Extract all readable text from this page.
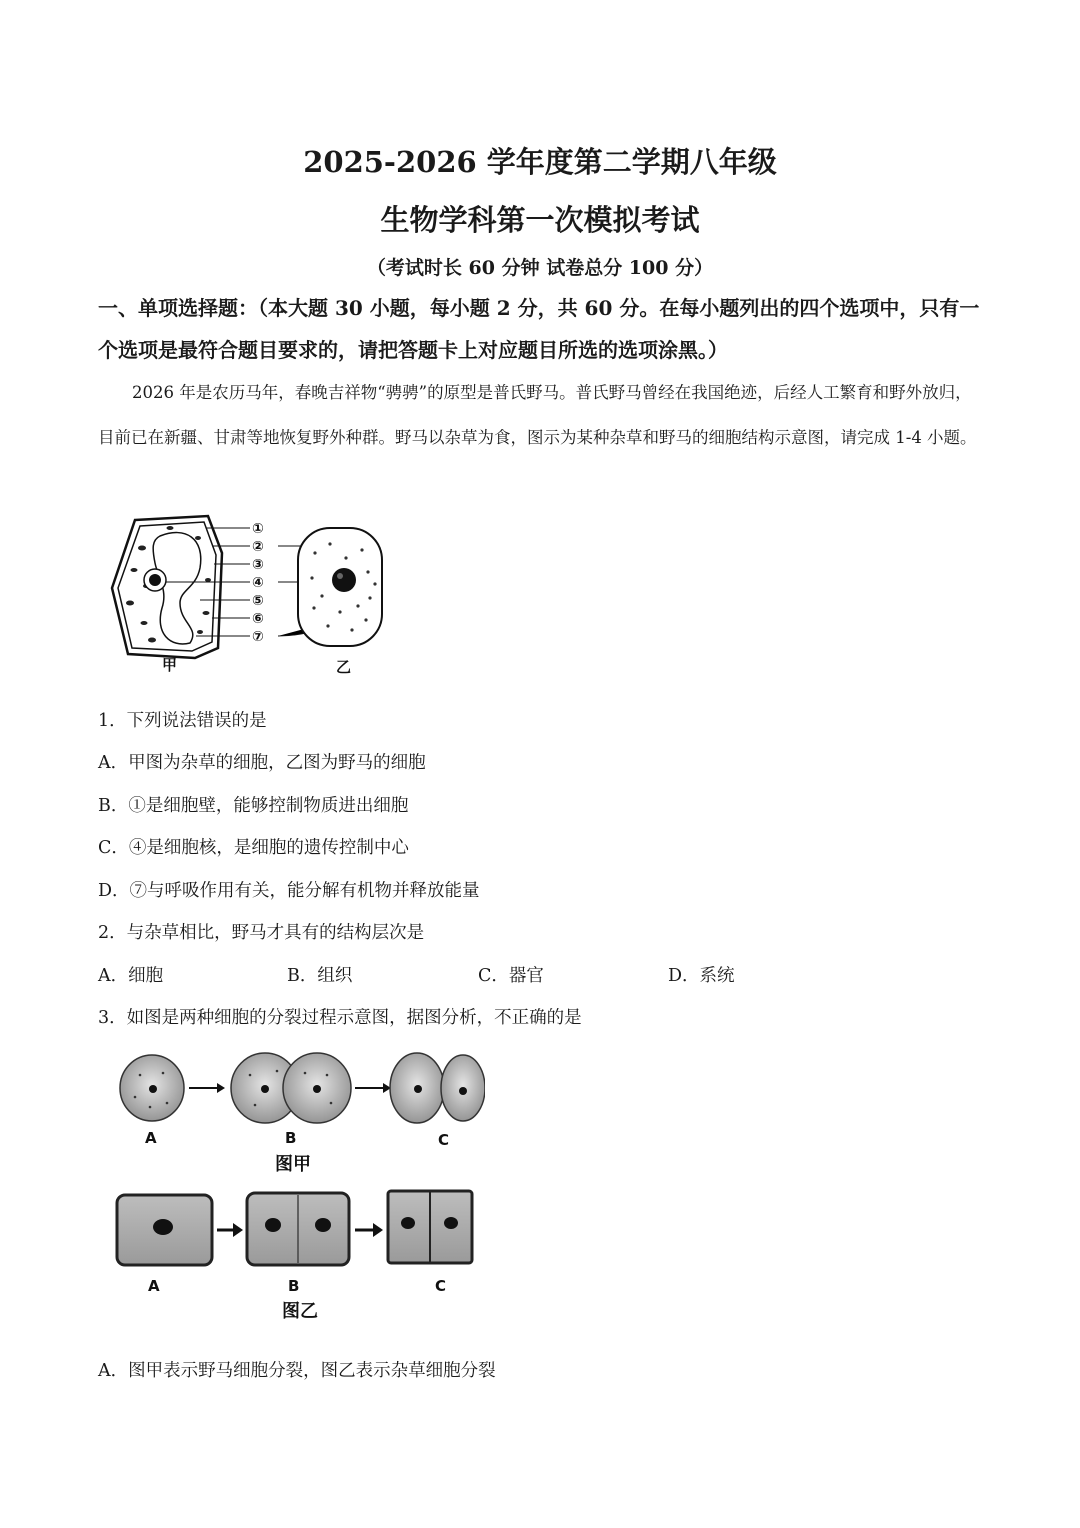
2025-2026 学年度第二学期八年级
生物学科第一次模拟考试
（考试时长 60 分钟 试卷总分 100 分）
一、单项选择题：（本大题 30 小题，每小题 2 分，共 60 分。在每小题列出的四个选项中，只有一个选项是最符合题目要求的，请把答题卡上对应题目所选的选项涂黑。）
2026 年是农历马年，春晚吉祥物“骋骋”的原型是普氏野马。普氏野马曾经在我国绝迹，后经人工繁育和野外放归，目前已在新疆、甘肃等地恢复野外种群。野马以杂草为食，图示为某种杂草和野马的细胞结构示意图，请完成 1-4 小题。
①
②
③
④
⑤
⑥
⑦
甲	乙
1．下列说法错误的是
A．甲图为杂草的细胞，乙图为野马的细胞
B．①是细胞壁，能够控制物质进出细胞
C．④是细胞核，是细胞的遗传控制中心
D．⑦与呼吸作用有关，能分解有机物并释放能量
2．与杂草相比，野马才具有的结构层次是
A．细胞	B．组织	C．器官	D．系统
3．如图是两种细胞的分裂过程示意图，据图分析，不正确的是
A	B	C
图甲
A	B	C
图乙
A．图甲表示野马细胞分裂，图乙表示杂草细胞分裂
